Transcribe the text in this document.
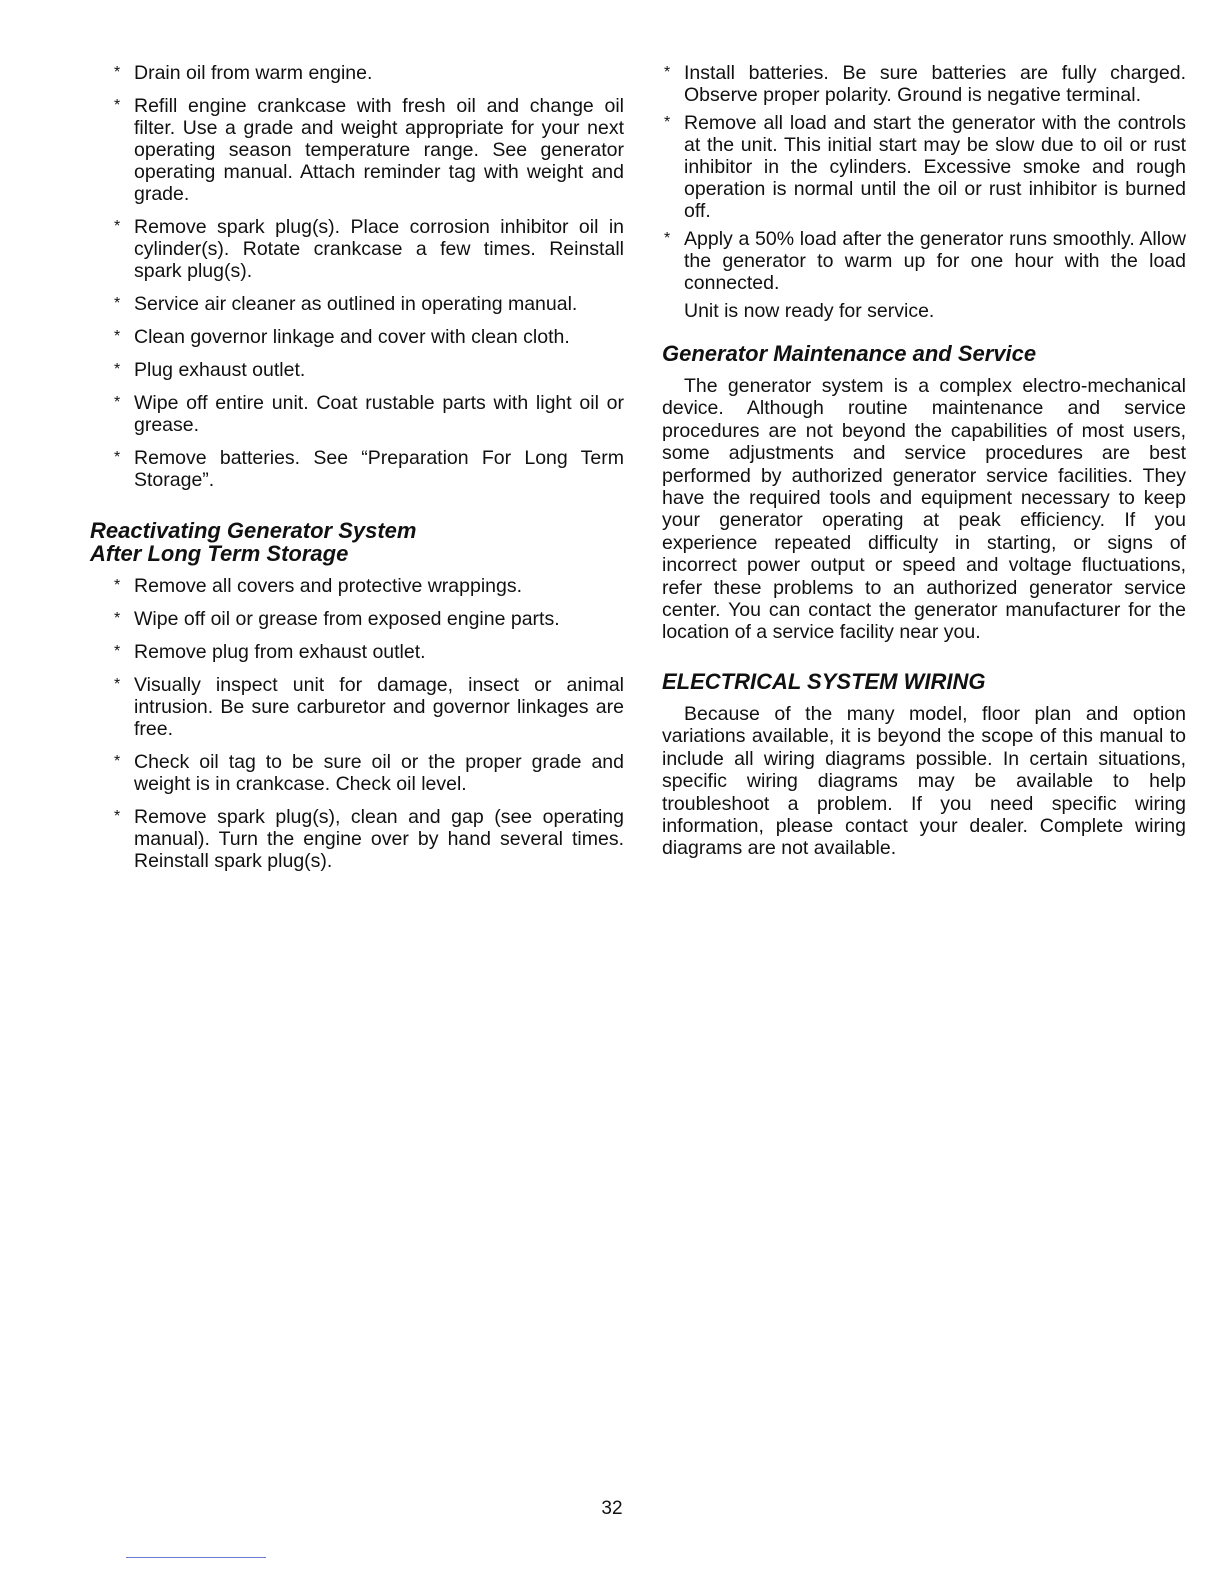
* Drain oil from warm engine.
* Refill engine crankcase with fresh oil and change oil filter. Use a grade and weight appropriate for your next operating season temperature range. See generator operating manual. Attach reminder tag with weight and grade.
* Remove spark plug(s). Place corrosion inhibitor oil in cylinder(s). Rotate crankcase a few times. Reinstall spark plug(s).
* Service air cleaner as outlined in operating manual.
* Clean governor linkage and cover with clean cloth.
* Plug exhaust outlet.
* Wipe off entire unit. Coat rustable parts with light oil or grease.
* Remove batteries. See “Preparation For Long Term Storage”.
Reactivating Generator System
After Long Term Storage
* Remove all covers and protective wrappings.
* Wipe off oil or grease from exposed engine parts.
* Remove plug from exhaust outlet.
* Visually inspect unit for damage, insect or animal intrusion. Be sure carburetor and governor linkages are free.
* Check oil tag to be sure oil or the proper grade and weight is in crankcase. Check oil level.
* Remove spark plug(s), clean and gap (see operating manual). Turn the engine over by hand several times. Reinstall spark plug(s).
* Install batteries. Be sure batteries are fully charged. Observe proper polarity. Ground is negative terminal.
* Remove all load and start the generator with the controls at the unit. This initial start may be slow due to oil or rust inhibitor in the cylinders. Excessive smoke and rough operation is normal until the oil or rust inhibitor is burned off.
* Apply a 50% load after the generator runs smoothly. Allow the generator to warm up for one hour with the load connected.
Unit is now ready for service.
Generator Maintenance and Service

The generator system is a complex electro-mechanical device. Although routine maintenance and service procedures are not beyond the capabilities of most users, some adjustments and service procedures are best performed by authorized generator service facilities. They have the required tools and equipment necessary to keep your generator operating at peak efficiency. If you experience repeated difficulty in starting, or signs of incorrect power output or speed and voltage fluctuations, refer these problems to an authorized generator service center. You can contact the generator manufacturer for the location of a service facility near you.

ELECTRICAL SYSTEM WIRING

Because of the many model, floor plan and option variations available, it is beyond the scope of this manual to include all wiring diagrams possible. In certain situations, specific wiring diagrams may be available to help troubleshoot a problem. If you need specific wiring information, please contact your dealer. Complete wiring diagrams are not available.

32
